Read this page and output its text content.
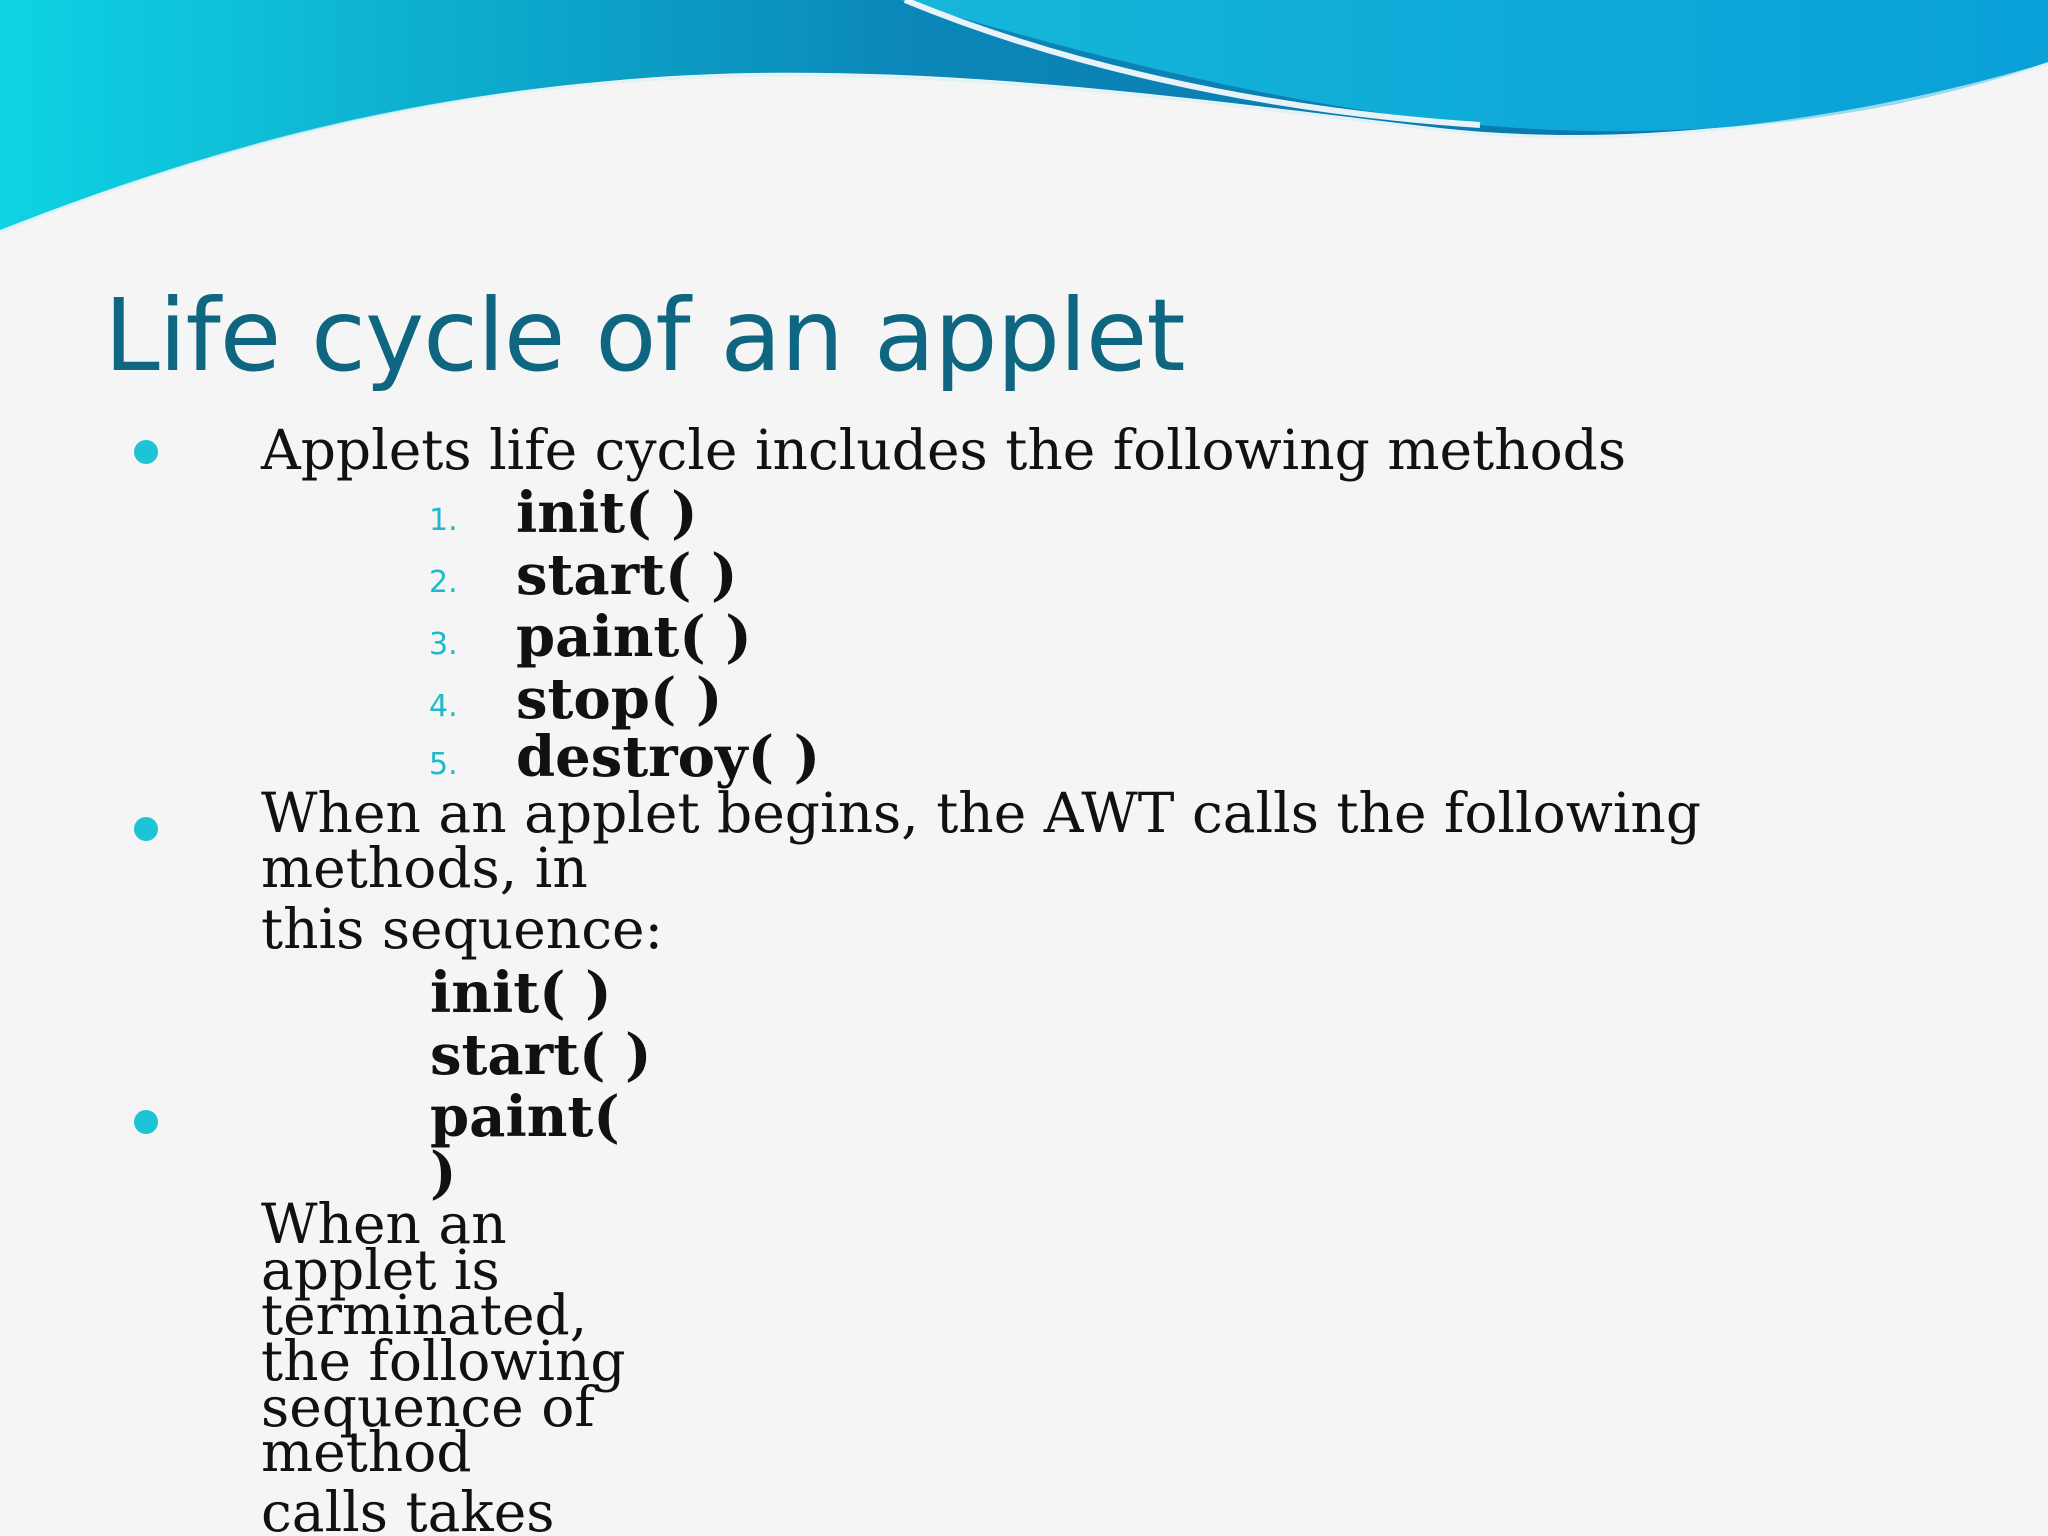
Life cycle of an applet

Applets life cycle includes the following methods

1. init( )

2. start( )

3. paint( )

4. stop( )

5. destroy( )

When an applet begins, the AWT calls the following

methods, in

this sequence:

init( )

start( )

paint(

)

When an

applet is

terminated,

the following

sequence of

method

calls takes
